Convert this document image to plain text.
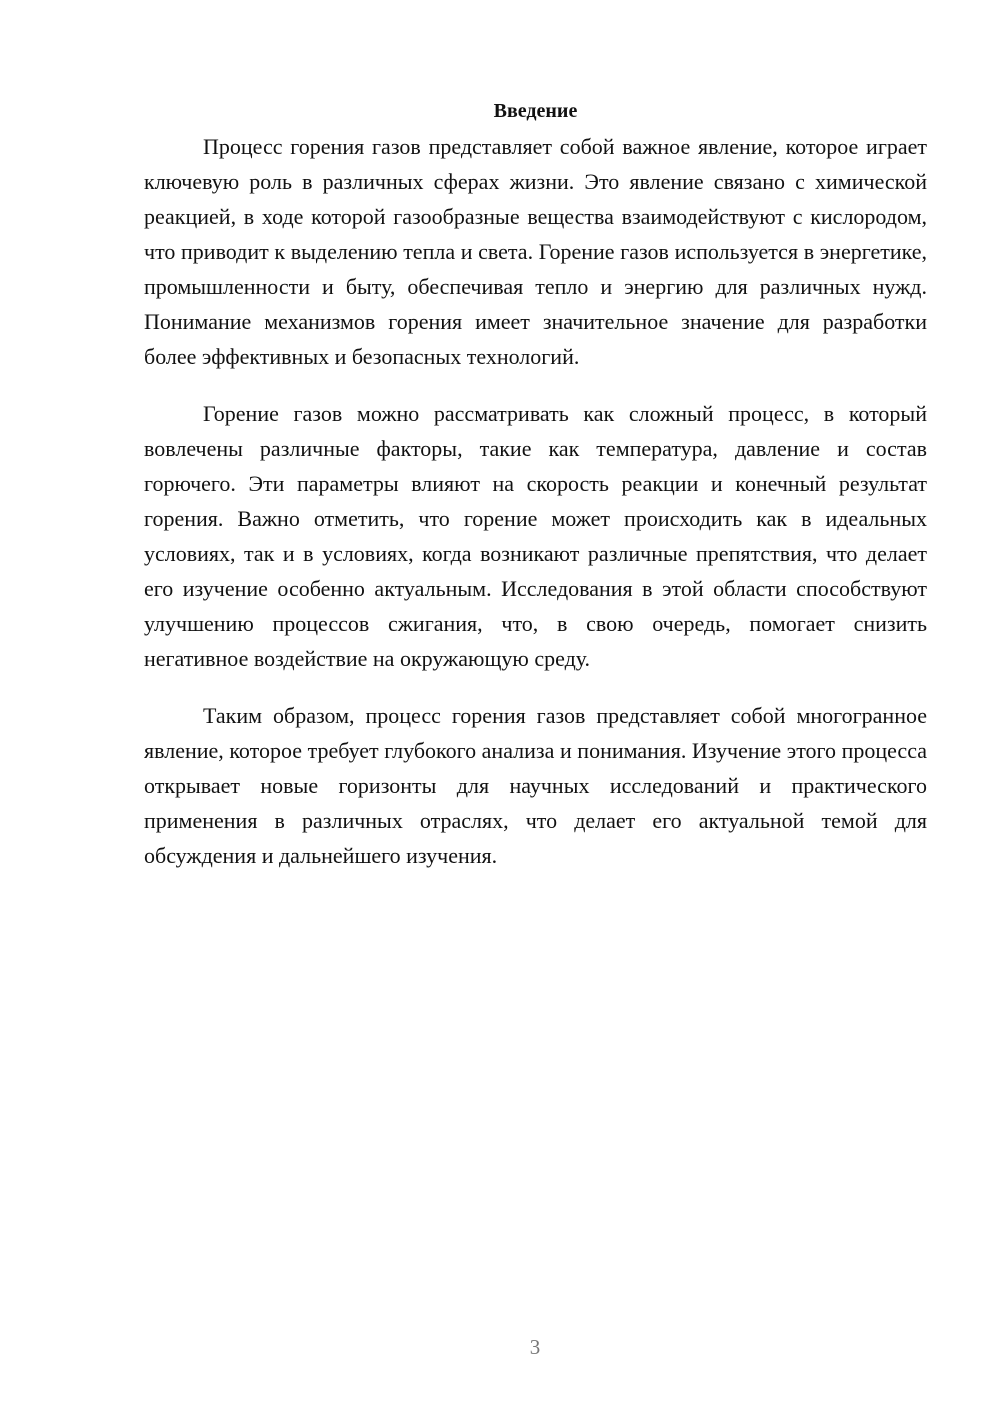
Введение

Процесс горения газов представляет собой важное явление, которое играет ключевую роль в различных сферах жизни. Это явление связано с химической реакцией, в ходе которой газообразные вещества взаимодействуют с кислородом, что приводит к выделению тепла и света. Горение газов используется в энергетике, промышленности и быту, обеспечивая тепло и энергию для различных нужд. Понимание механизмов горения имеет значительное значение для разработки более эффективных и безопасных технологий.

Горение газов можно рассматривать как сложный процесс, в который вовлечены различные факторы, такие как температура, давление и состав горючего. Эти параметры влияют на скорость реакции и конечный результат горения. Важно отметить, что горение может происходить как в идеальных условиях, так и в условиях, когда возникают различные препятствия, что делает его изучение особенно актуальным. Исследования в этой области способствуют улучшению процессов сжигания, что, в свою очередь, помогает снизить негативное воздействие на окружающую среду.

Таким образом, процесс горения газов представляет собой многогранное явление, которое требует глубокого анализа и понимания. Изучение этого процесса открывает новые горизонты для научных исследований и практического применения в различных отраслях, что делает его актуальной темой для обсуждения и дальнейшего изучения.

3
